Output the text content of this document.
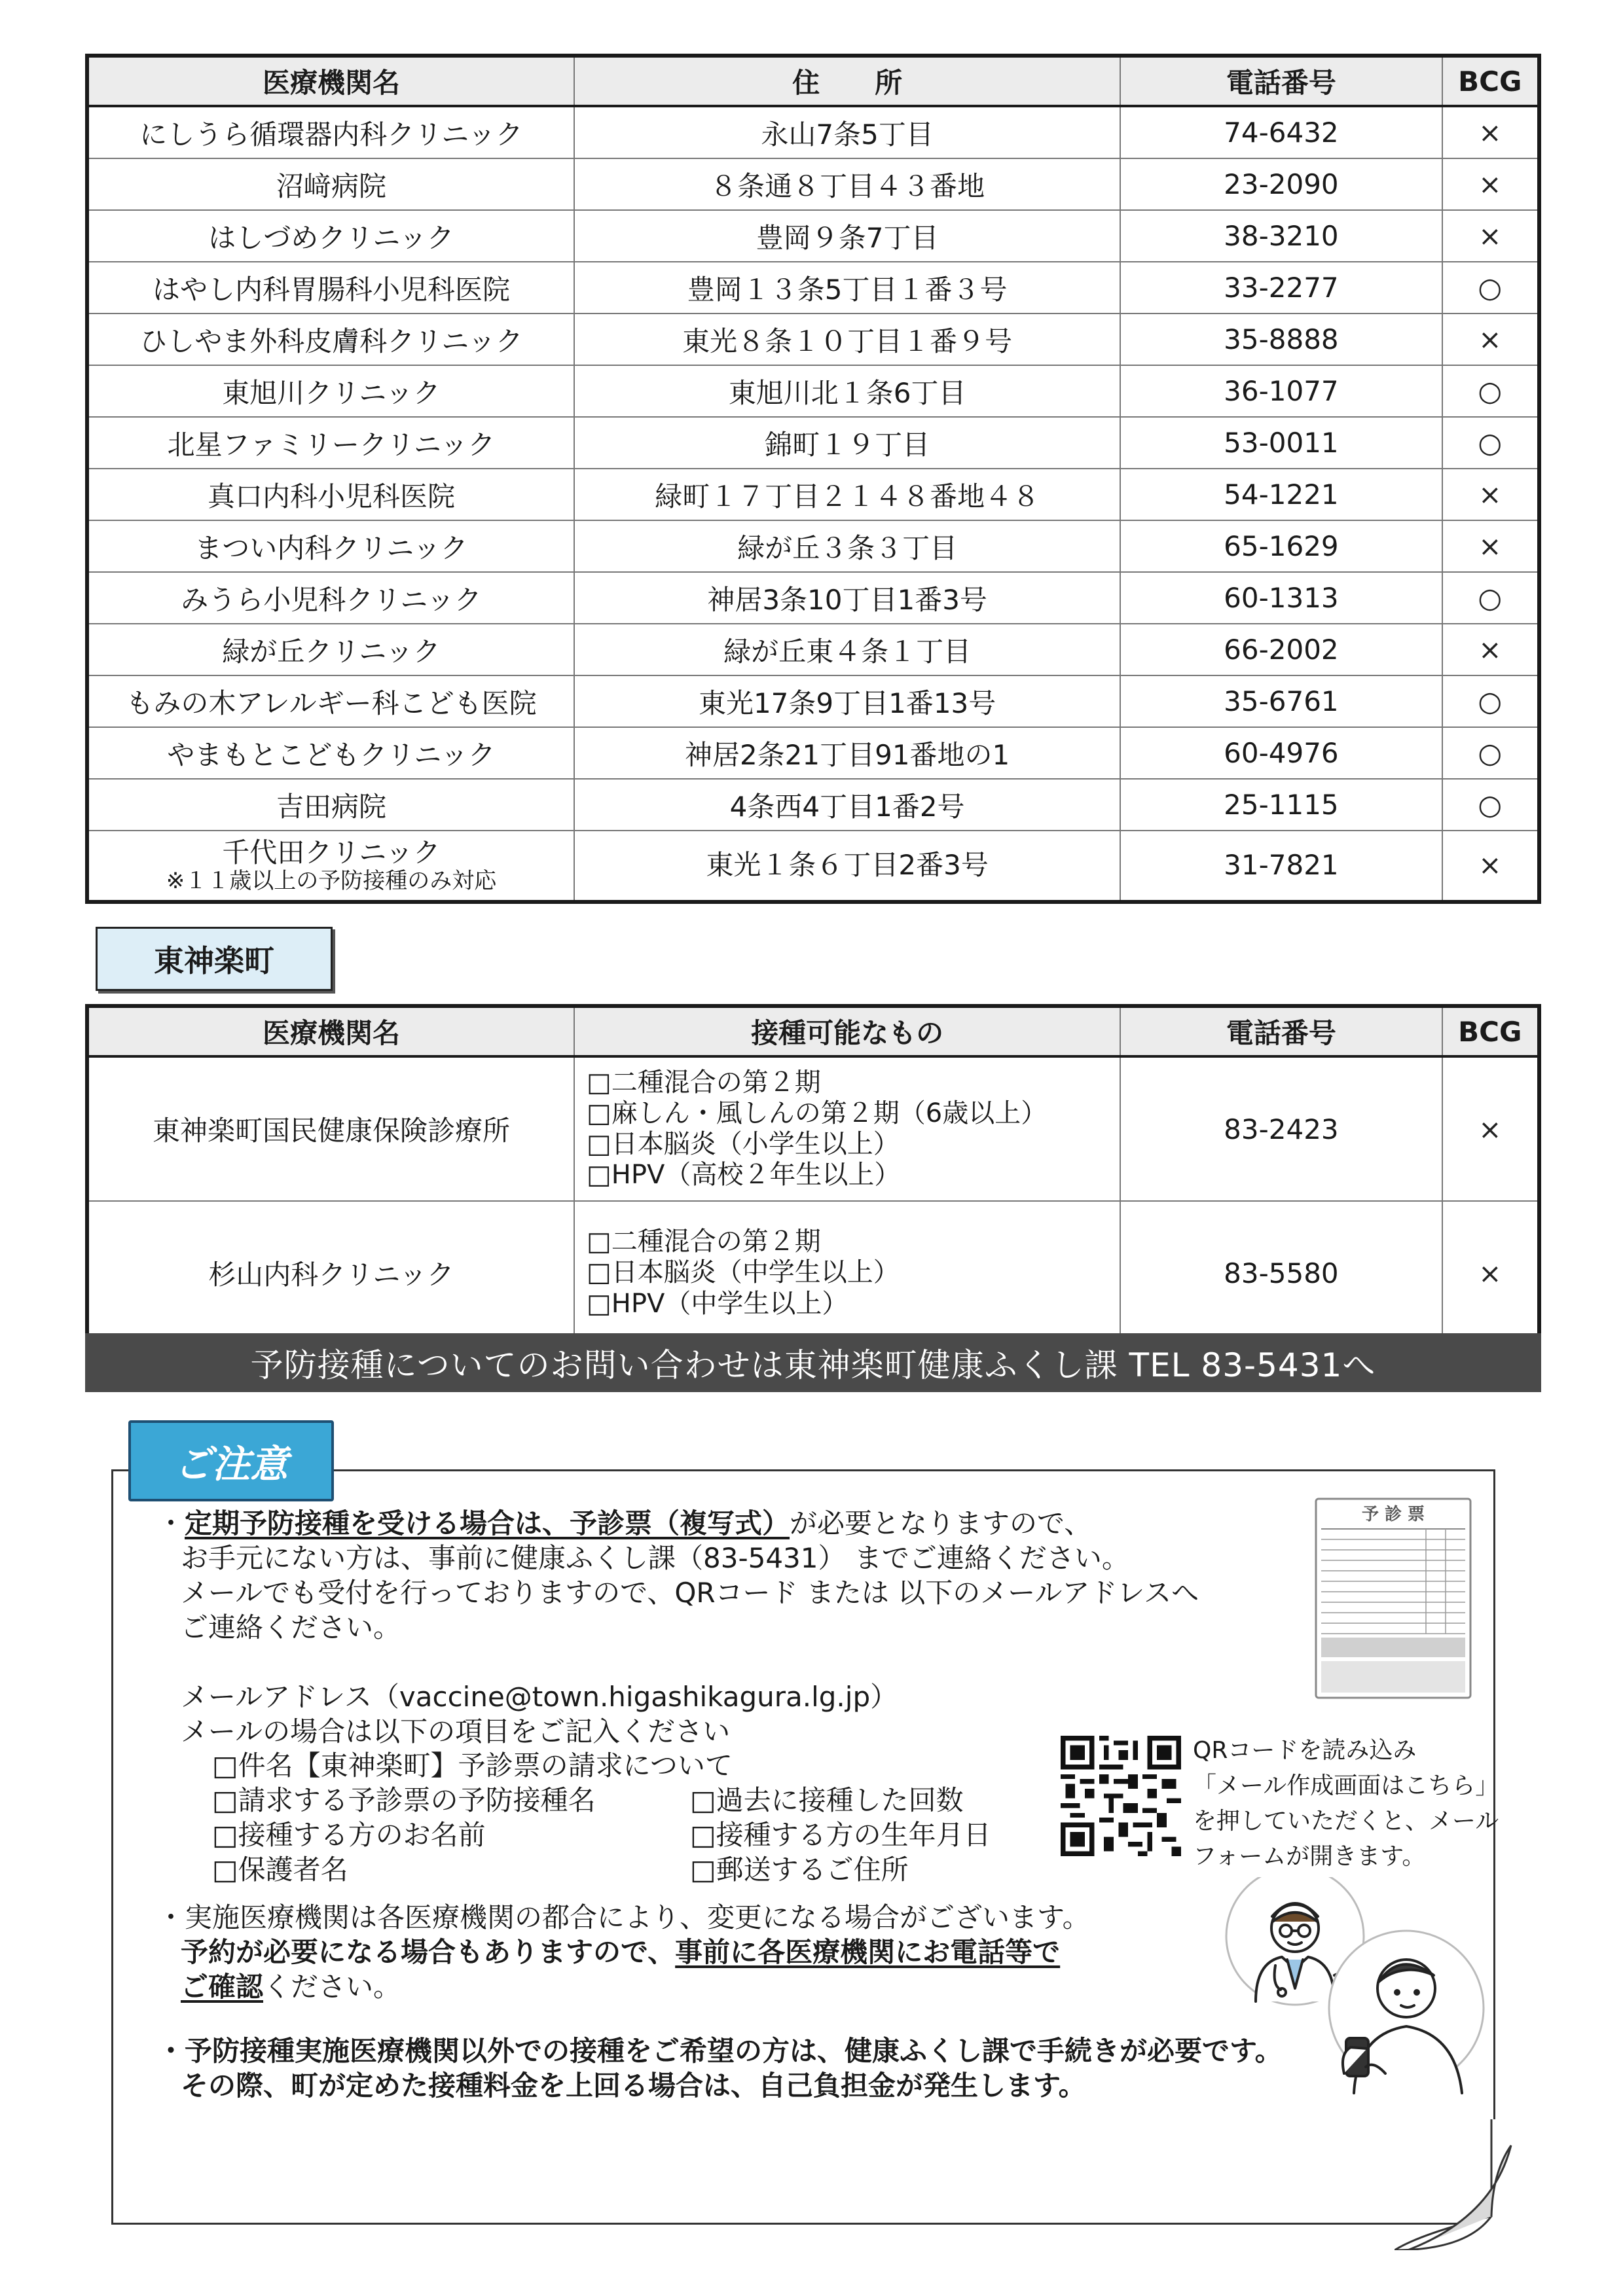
医療機関名	住　　所	電話番号	BCG
にしうら循環器内科クリニック	永山7条5丁目	74-6432	×
沼﨑病院	８条通８丁目４３番地	23-2090	×
はしづめクリニック	豊岡９条7丁目	38-3210	×
はやし内科胃腸科小児科医院	豊岡１３条5丁目１番３号	33-2277	○
ひしやま外科皮膚科クリニック	東光８条１０丁目１番９号	35-8888	×
東旭川クリニック	東旭川北１条6丁目	36-1077	○
北星ファミリークリニック	錦町１９丁目	53-0011	○
真口内科小児科医院	緑町１７丁目２１４８番地４８	54-1221	×
まつい内科クリニック	緑が丘３条３丁目	65-1629	×
みうら小児科クリニック	神居3条10丁目1番3号	60-1313	○
緑が丘クリニック	緑が丘東４条１丁目	66-2002	×
もみの木アレルギー科こども医院	東光17条9丁目1番13号	35-6761	○
やまもとこどもクリニック	神居2条21丁目91番地の1	60-4976	○
吉田病院	4条西4丁目1番2号	25-1115	○

千代田クリニック
※１１歳以上の予防接種のみ対応	東光１条６丁目2番3号	31-7821	×
東神楽町
医療機関名	接種可能なもの	電話番号	BCG
東神楽町国民健康保険診療所	□二種混合の第２期
□麻しん・風しんの第２期（6歳以上）
□日本脳炎（小学生以上）
□HPV（高校２年生以上）	83-2423	×
杉山内科クリニック	□二種混合の第２期
□日本脳炎（中学生以上）
□HPV（中学生以上）	83-5580	×
予防接種についてのお問い合わせは東神楽町健康ふくし課 TEL 83-5431へ
ご注意
・定期予防接種を受ける場合は、予診票（複写式）が必要となりますので、
お手元にない方は、事前に健康ふくし課（83-5431） までご連絡ください。
メールでも受付を行っておりますので、QRコード または 以下のメールアドレスへ
ご連絡ください。
メールアドレス（vaccine@town.higashikagura.lg.jp）
メールの場合は以下の項目をご記入ください
□件名【東神楽町】予診票の請求について
□請求する予診票の予防接種名
□接種する方のお名前
□保護者名
□過去に接種した回数
□接種する方の生年月日
□郵送するご住所
予 診 票
QRコードを読み込み
「メール作成画面はこちら」
を押していただくと、メール
フォームが開きます。
・実施医療機関は各医療機関の都合により、変更になる場合がございます。
予約が必要になる場合もありますので、事前に各医療機関にお電話等で
ご確認ください。
・予防接種実施医療機関以外での接種をご希望の方は、健康ふくし課で手続きが必要です。
その際、町が定めた接種料金を上回る場合は、自己負担金が発生します。
